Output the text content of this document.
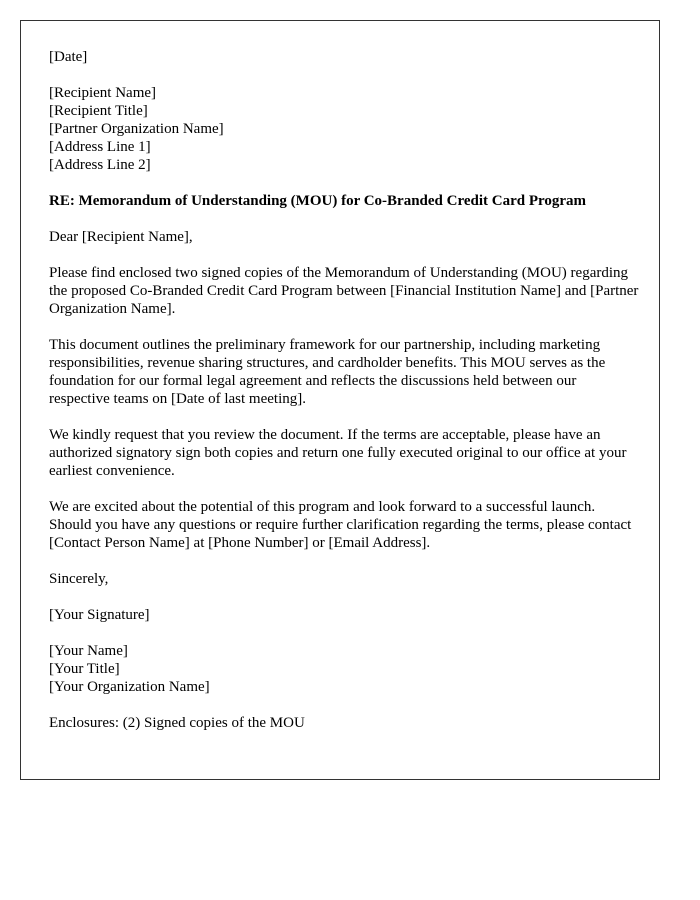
[Date]
[Recipient Name]
[Recipient Title]
[Partner Organization Name]
[Address Line 1]
[Address Line 2]
RE: Memorandum of Understanding (MOU) for Co-Branded Credit Card Program
Dear [Recipient Name],

Please find enclosed two signed copies of the Memorandum of Understanding (MOU) regarding the proposed Co-Branded Credit Card Program between [Financial Institution Name] and [Partner Organization Name].

This document outlines the preliminary framework for our partnership, including marketing responsibilities, revenue sharing structures, and cardholder benefits. This MOU serves as the foundation for our formal legal agreement and reflects the discussions held between our respective teams on [Date of last meeting].

We kindly request that you review the document. If the terms are acceptable, please have an authorized signatory sign both copies and return one fully executed original to our office at your earliest convenience.

We are excited about the potential of this program and look forward to a successful launch. Should you have any questions or require further clarification regarding the terms, please contact [Contact Person Name] at [Phone Number] or [Email Address].

Sincerely,
[Your Signature]
[Your Name]
[Your Title]
[Your Organization Name]
Enclosures: (2) Signed copies of the MOU
